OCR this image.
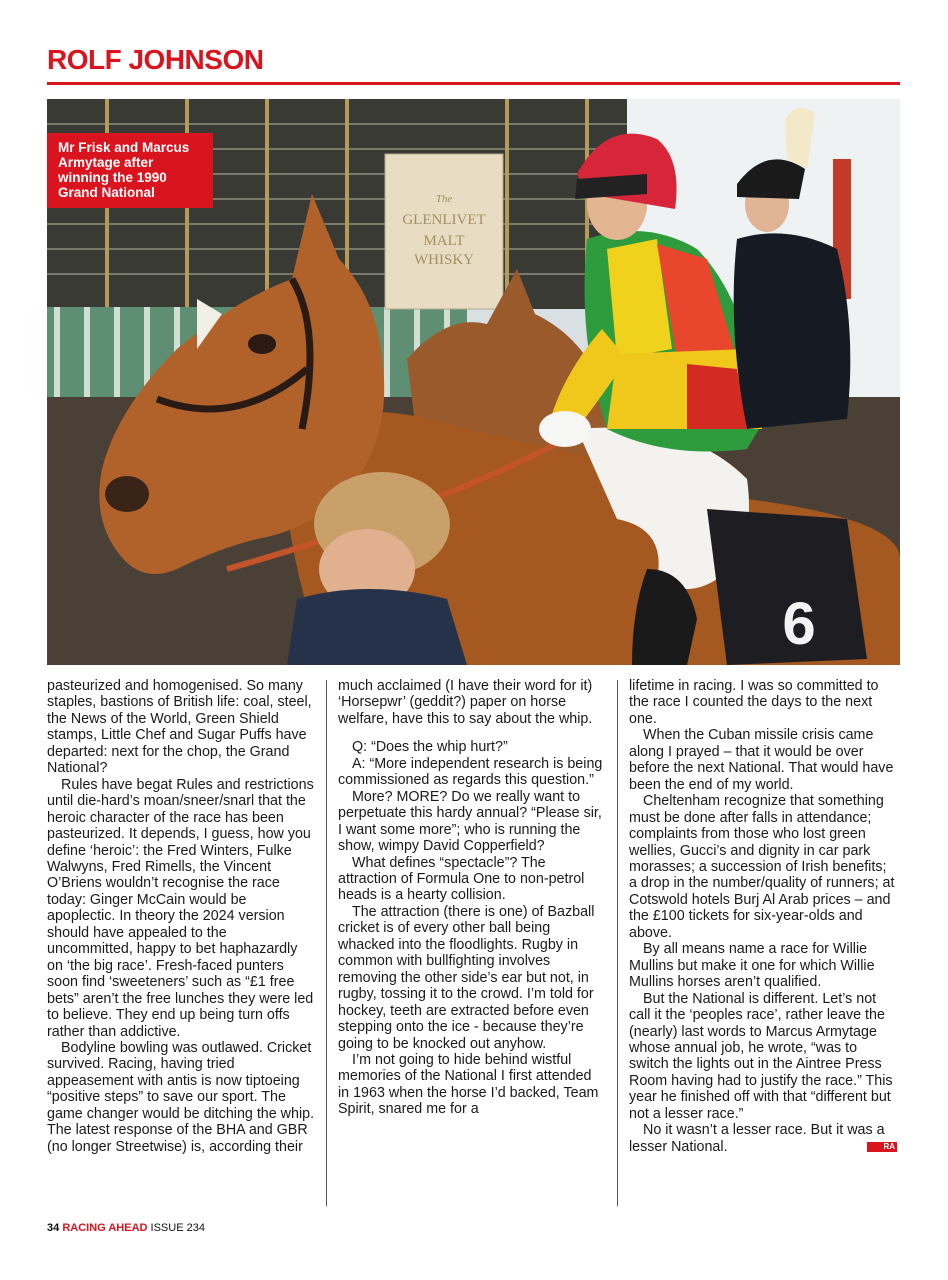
ROLF JOHNSON
The
GLENLIVET
MALT
WHISKY
6
Mr Frisk and Marcus Armytage after winning the 1990 Grand National

pasteurized and homogenised. So many staples, bastions of British life: coal, steel, the News of the World, Green Shield stamps, Little Chef and Sugar Puffs have departed: next for the chop, the Grand National?

Rules have begat Rules and restrictions until die-hard’s moan/sneer/snarl that the heroic character of the race has been pasteurized. It depends, I guess, how you define ‘heroic’: the Fred Winters, Fulke Walwyns, Fred Rimells, the Vincent O’Briens wouldn’t recognise the race today: Ginger McCain would be apoplectic. In theory the 2024 version should have appealed to the uncommitted, happy to bet haphazardly on ‘the big race’. Fresh-faced punters soon find ‘sweeteners’ such as “£1 free bets” aren’t the free lunches they were led to believe. They end up being turn offs rather than addictive.

Bodyline bowling was outlawed. Cricket survived. Racing, having tried appeasement with antis is now tiptoeing “positive steps” to save our sport. The game changer would be ditching the whip. The latest response of the BHA and GBR (no longer Streetwise) is, according their

much acclaimed (I have their word for it) ‘Horsepwr’ (geddit?) paper on horse welfare, have this to say about the whip.

Q: “Does the whip hurt?”

A: “More independent research is being commissioned as regards this question.”

More? MORE? Do we really want to perpetuate this hardy annual? “Please sir, I want some more”; who is running the show, wimpy David Copperfield?

What defines “spectacle”? The attraction of Formula One to non-petrol heads is a hearty collision.

The attraction (there is one) of Bazball cricket is of every other ball being whacked into the floodlights. Rugby in common with bullfighting involves removing the other side’s ear but not, in rugby, tossing it to the crowd. I’m told for hockey, teeth are extracted before even stepping onto the ice - because they’re going to be knocked out anyhow.

I’m not going to hide behind wistful memories of the National I first attended in 1963 when the horse I’d backed, Team Spirit, snared me for a

lifetime in racing. I was so committed to the race I counted the days to the next one.

When the Cuban missile crisis came along I prayed – that it would be over before the next National. That would have been the end of my world.

Cheltenham recognize that something must be done after falls in attendance; complaints from those who lost green wellies, Gucci’s and dignity in car park morasses; a succession of Irish benefits; a drop in the number/quality of runners; at Cotswold hotels Burj Al Arab prices – and the £100 tickets for six-year-olds and above.

By all means name a race for Willie Mullins but make it one for which Willie Mullins horses aren’t qualified.

But the National is different. Let’s not call it the ‘peoples race’, rather leave the (nearly) last words to Marcus Armytage whose annual job, he wrote, “was to switch the lights out in the Aintree Press Room having had to justify the race.” This year he finished off with that “different but not a lesser race.”

No it wasn’t a lesser race. But it was a lesser National.	RA

34 RACING AHEAD ISSUE 234
